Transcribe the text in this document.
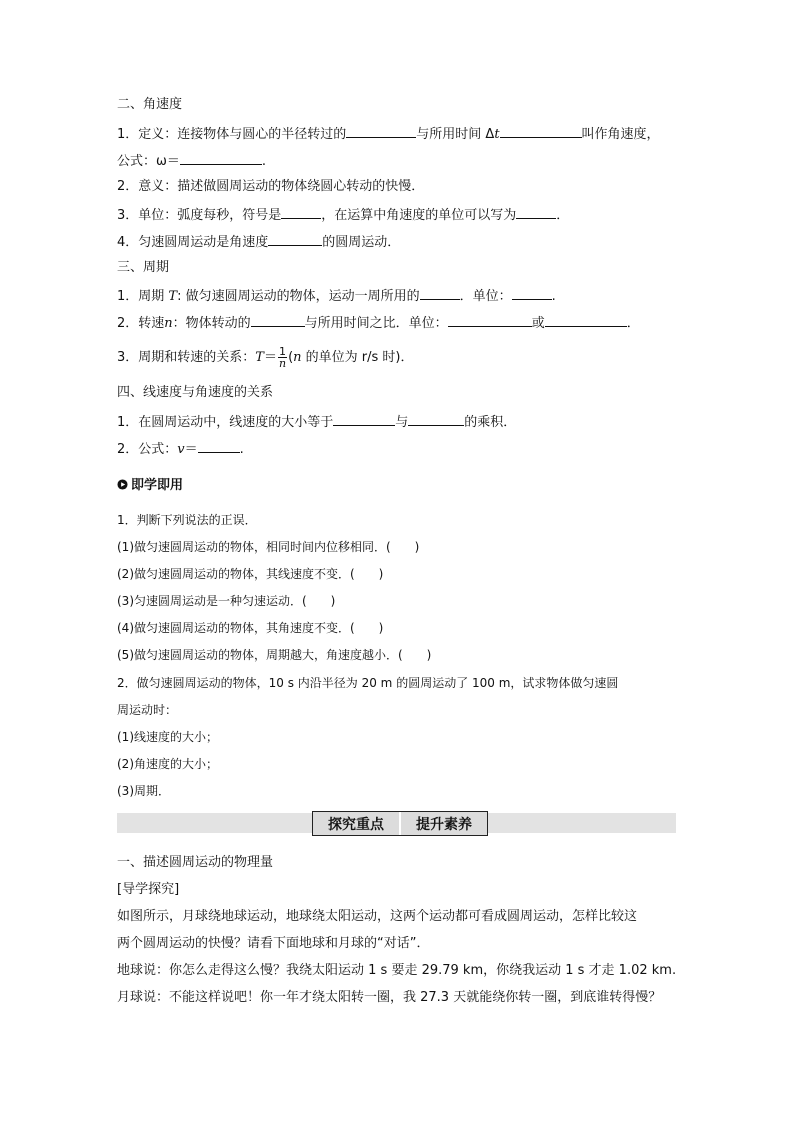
二、角速度
1．定义：连接物体与圆心的半径转过的	与所用时间 Δt	叫作角速度，
公式：ω＝	.
2．意义：描述做圆周运动的物体绕圆心转动的快慢．
3．单位：弧度每秒，符号是	，在运算中角速度的单位可以写为	．
4．匀速圆周运动是角速度	的圆周运动．
三、周期
1．周期 T: 做匀速圆周运动的物体，运动一周所用的	．单位：	.
2．转速n：物体转动的	与所用时间之比．单位：	或	．
3．周期和转速的关系：$T= \frac{1}{n} (n$ 的单位为 r/s 时)．
四、线速度与角速度的关系
1．在圆周运动中，线速度的大小等于	与	的乘积．
2．公式：v＝	.
即学即用
1．判断下列说法的正误．
(1)做匀速圆周运动的物体，相同时间内位移相同．(　　)
(2)做匀速圆周运动的物体，其线速度不变．(　　)
(3)匀速圆周运动是一种匀速运动．(　　)
(4)做匀速圆周运动的物体，其角速度不变．(　　)
(5)做匀速圆周运动的物体，周期越大，角速度越小．(　　)
2．做匀速圆周运动的物体，10 s 内沿半径为 20 m 的圆周运动了 100 m，试求物体做匀速圆
周运动时：
(1)线速度的大小；
(2)角速度的大小；
(3)周期．
探究重点	提升素养
一、描述圆周运动的物理量
[导学探究]
如图所示，月球绕地球运动，地球绕太阳运动，这两个运动都可看成圆周运动，怎样比较这
两个圆周运动的快慢？请看下面地球和月球的“对话”．
地球说：你怎么走得这么慢？我绕太阳运动 1 s 要走 29.79 km，你绕我运动 1 s 才走 1.02 km.
月球说：不能这样说吧！你一年才绕太阳转一圈，我 27.3 天就能绕你转一圈，到底谁转得慢？
